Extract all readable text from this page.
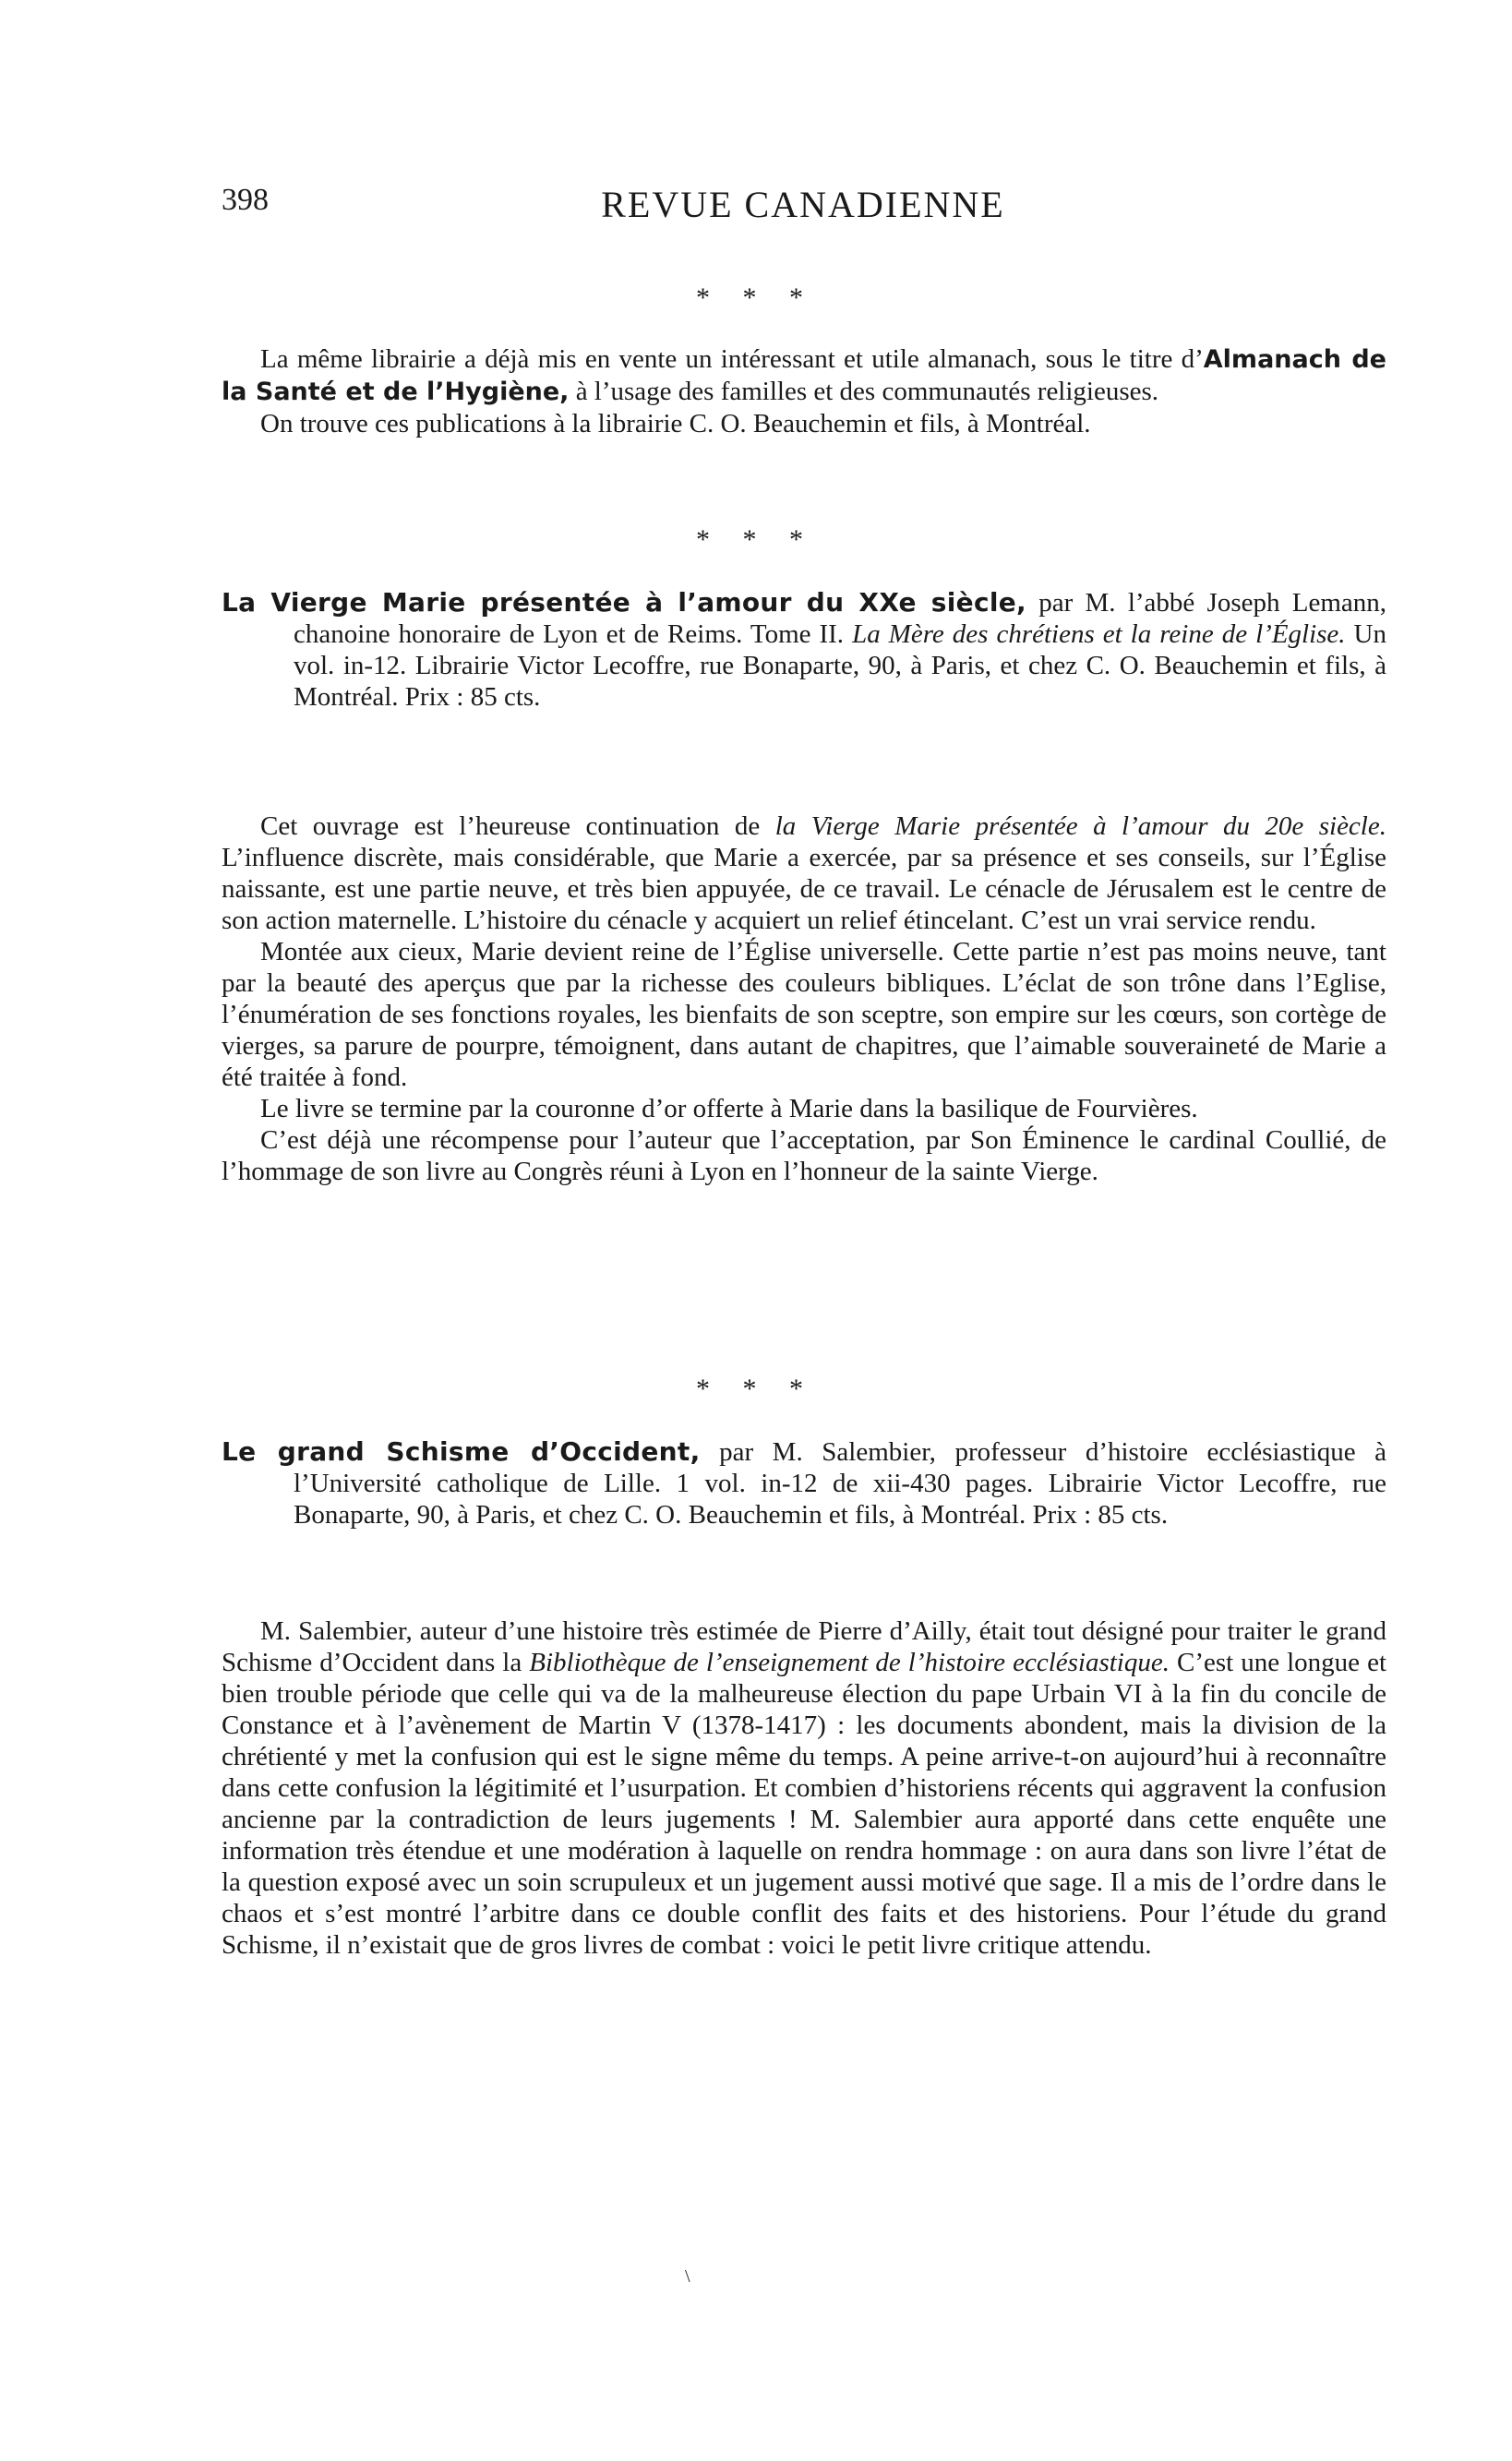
398	REVUE CANADIENNE
* * *

La même librairie a déjà mis en vente un intéressant et utile almanach, sous le titre d’Almanach de la Santé et de l’Hygiène, à l’usage des familles et des communautés religieuses.

On trouve ces publications à la librairie C. O. Beauchemin et fils, à Montréal.

* * *
La Vierge Marie présentée à l’amour du XXe siècle, par M. l’abbé Joseph Lemann, chanoine honoraire de Lyon et de Reims. Tome II. La Mère des chrétiens et la reine de l’Église. Un vol. in-12. Librairie Victor Lecoffre, rue Bonaparte, 90, à Paris, et chez C. O. Beauchemin et fils, à Montréal. Prix : 85 cts.

Cet ouvrage est l’heureuse continuation de la Vierge Marie présentée à l’amour du 20e siècle. L’influence discrète, mais considérable, que Marie a exercée, par sa présence et ses conseils, sur l’Église naissante, est une partie neuve, et très bien appuyée, de ce travail. Le cénacle de Jérusalem est le centre de son action maternelle. L’histoire du cénacle y acquiert un relief étincelant. C’est un vrai service rendu.

Montée aux cieux, Marie devient reine de l’Église universelle. Cette partie n’est pas moins neuve, tant par la beauté des aperçus que par la richesse des couleurs bibliques. L’éclat de son trône dans l’Eglise, l’énumération de ses fonctions royales, les bienfaits de son sceptre, son empire sur les cœurs, son cortège de vierges, sa parure de pourpre, témoignent, dans autant de chapitres, que l’aimable souveraineté de Marie a été traitée à fond.

Le livre se termine par la couronne d’or offerte à Marie dans la basilique de Fourvières.

C’est déjà une récompense pour l’auteur que l’acceptation, par Son Éminence le cardinal Coullié, de l’hommage de son livre au Congrès réuni à Lyon en l’honneur de la sainte Vierge.

* * *
Le grand Schisme d’Occident, par M. Salembier, professeur d’histoire ecclésiastique à l’Université catholique de Lille. 1 vol. in-12 de xii-430 pages. Librairie Victor Lecoffre, rue Bonaparte, 90, à Paris, et chez C. O. Beauchemin et fils, à Montréal. Prix : 85 cts.

M. Salembier, auteur d’une histoire très estimée de Pierre d’Ailly, était tout désigné pour traiter le grand Schisme d’Occident dans la Bibliothèque de l’enseignement de l’histoire ecclésiastique. C’est une longue et bien trouble période que celle qui va de la malheureuse élection du pape Urbain VI à la fin du concile de Constance et à l’avènement de Martin V (1378-1417) : les documents abondent, mais la division de la chrétienté y met la confusion qui est le signe même du temps. A peine arrive-t-on aujourd’hui à reconnaître dans cette confusion la légitimité et l’usurpation. Et combien d’historiens récents qui aggravent la confusion ancienne par la contradiction de leurs jugements ! M. Salembier aura apporté dans cette enquête une information très étendue et une modération à laquelle on rendra hommage : on aura dans son livre l’état de la question exposé avec un soin scrupuleux et un jugement aussi motivé que sage. Il a mis de l’ordre dans le chaos et s’est montré l’arbitre dans ce double conflit des faits et des historiens. Pour l’étude du grand Schisme, il n’existait que de gros livres de combat : voici le petit livre critique attendu.

\
